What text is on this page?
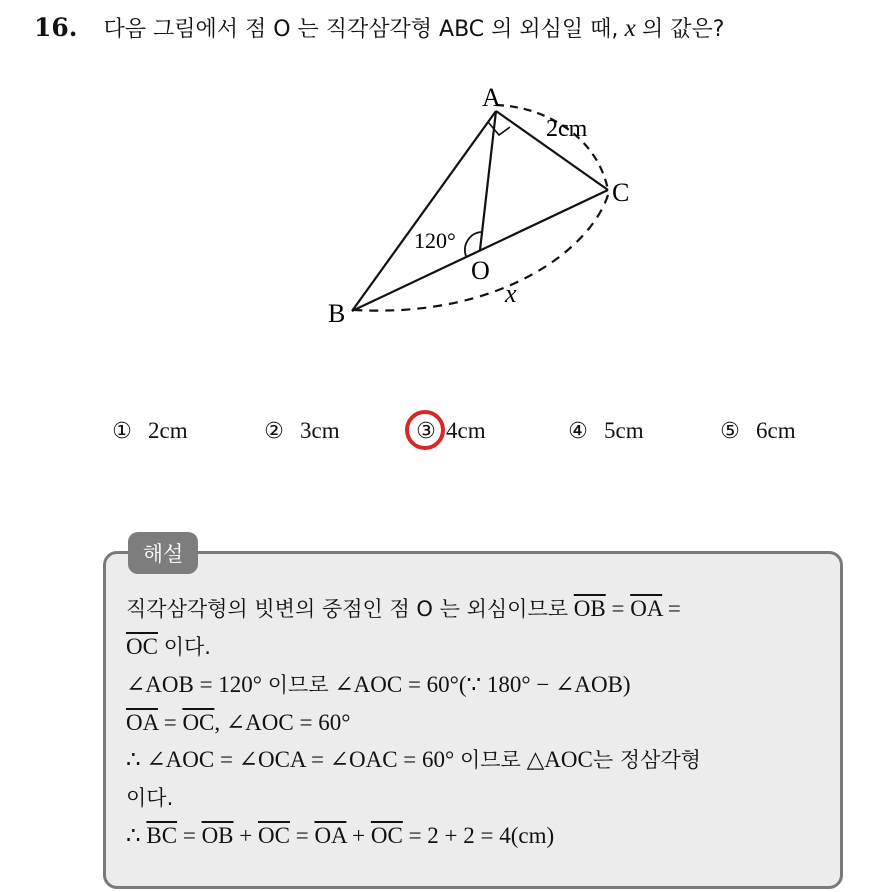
16. 다음 그림에서 점 O 는 직각삼각형 ABC 의 외심일 때, x 의 값은?
A
C
B
O
2cm
120°
x
① 2cm	② 3cm	③ 4cm	④ 5cm	⑤ 6cm
해설
직각삼각형의 빗변의 중점인 점 O 는 외심이므로 $\overline{OB} = \overline{OA}$ =
$\overline{OC}$ 이다.
∠AOB = 120° 이므로 ∠AOC = 60°(∵ 180° − ∠AOB)
$\overline{OA} = \overline{OC}$, ∠AOC = 60°
∴ ∠AOC = ∠OCA = ∠OAC = 60° 이므로 △AOC는 정삼각형
이다.
∴ $\overline{BC} = \overline{OB} + \overline{OC} = \overline{OA} + \overline{OC} = 2 + 2 = 4(cm)$
